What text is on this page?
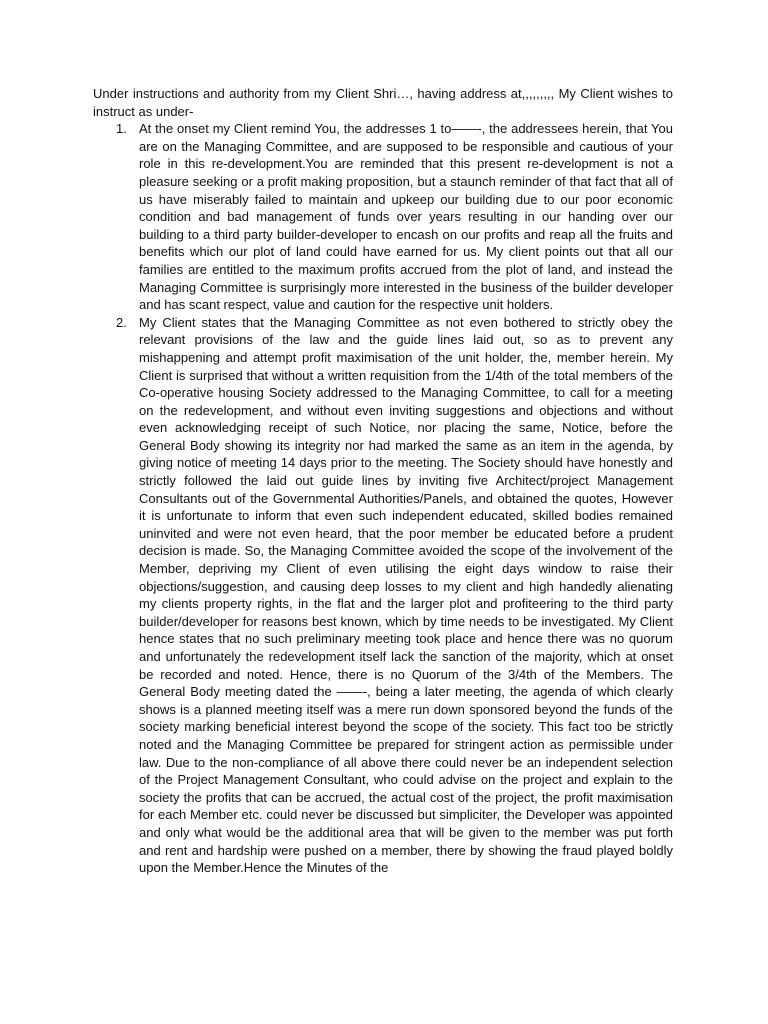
Under instructions and authority from my Client Shri…, having address at,,,,,,,,, My Client wishes to instruct as under-

1. At the onset my Client remind You, the addresses 1 to——-, the addressees herein, that You are on the Managing Committee, and are supposed to be responsible and cautious of your role in this re-development.You are reminded that this present re-development is not a pleasure seeking or a profit making proposition, but a staunch reminder of that fact that all of us have miserably failed to maintain and upkeep our building due to our poor economic condition and bad management of funds over years resulting in our handing over our building to a third party builder-developer to encash on our profits and reap all the fruits and benefits which our plot of land could have earned for us. My client points out that all our families are entitled to the maximum profits accrued from the plot of land, and instead the Managing Committee is surprisingly more interested in the business of the builder developer and has scant respect, value and caution for the respective unit holders.
2. My Client states that the Managing Committee as not even bothered to strictly obey the relevant provisions of the law and the guide lines laid out, so as to prevent any mishappening and attempt profit maximisation of the unit holder, the, member herein. My Client is surprised that without a written requisition from the 1/4th of the total members of the Co-operative housing Society addressed to the Managing Committee, to call for a meeting on the redevelopment, and without even inviting suggestions and objections and without even acknowledging receipt of such Notice, nor placing the same, Notice, before the General Body showing its integrity nor had marked the same as an item in the agenda, by giving notice of meeting 14 days prior to the meeting. The Society should have honestly and strictly followed the laid out guide lines by inviting five Architect/project Management Consultants out of the Governmental Authorities/Panels, and obtained the quotes, However it is unfortunate to inform that even such independent educated, skilled bodies remained uninvited and were not even heard, that the poor member be educated before a prudent decision is made. So, the Managing Committee avoided the scope of the involvement of the Member, depriving my Client of even utilising the eight days window to raise their objections/suggestion, and causing deep losses to my client and high handedly alienating my clients property rights, in the flat and the larger plot and profiteering to the third party builder/developer for reasons best known, which by time needs to be investigated. My Client hence states that no such preliminary meeting took place and hence there was no quorum and unfortunately the redevelopment itself lack the sanction of the majority, which at onset be recorded and noted. Hence, there is no Quorum of the 3/4th of the Members. The General Body meeting dated the ——-, being a later meeting, the agenda of which clearly shows is a planned meeting itself was a mere run down sponsored beyond the funds of the society marking beneficial interest beyond the scope of the society. This fact too be strictly noted and the Managing Committee be prepared for stringent action as permissible under law. Due to the non-compliance of all above there could never be an independent selection of the Project Management Consultant, who could advise on the project and explain to the society the profits that can be accrued, the actual cost of the project, the profit maximisation for each Member etc. could never be discussed but simpliciter, the Developer was appointed and only what would be the additional area that will be given to the member was put forth and rent and hardship were pushed on a member, there by showing the fraud played boldly upon the Member.Hence the Minutes of the
